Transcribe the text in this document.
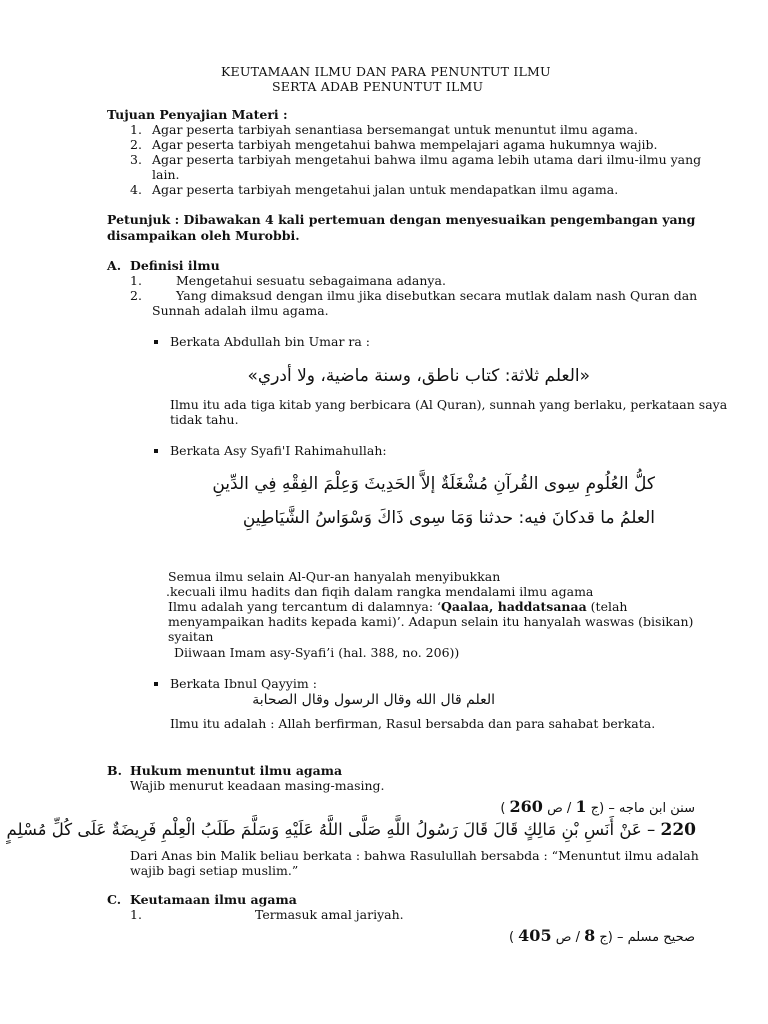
KEUTAMAAN ILMU DAN PARA PENUNTUT ILMU
SERTA ADAB PENUNTUT ILMU
Tujuan Penyajian Materi :
1. Agar peserta tarbiyah senantiasa bersemangat untuk menuntut ilmu agama.
2. Agar peserta tarbiyah mengetahui bahwa mempelajari agama hukumnya wajib.
3. Agar peserta tarbiyah mengetahui bahwa ilmu agama lebih utama dari ilmu-ilmu yang
lain.
4. Agar peserta tarbiyah mengetahui jalan untuk mendapatkan ilmu agama.
Petunjuk : Dibawakan 4 kali pertemuan dengan menyesuaikan pengembangan yang
disampaikan oleh Murobbi.
A. Definisi ilmu
1.	Mengetahui sesuatu sebagaimana adanya.
2.	Yang dimaksud dengan ilmu jika disebutkan secara mutlak dalam nash Quran dan
Sunnah adalah ilmu agama.
Berkata Abdullah bin Umar ra :
«العلم ثلاثة: كتاب ناطق، وسنة ماضية، ولا أدري»
Ilmu itu ada tiga kitab yang berbicara (Al Quran), sunnah yang berlaku, perkataan saya
tidak tahu.
Berkata Asy Syafi'I Rahimahullah:
كلُّ العُلُومِ سِوى القُرآنِ مُشْغَلَةٌ إلاَّ الحَدِيثَ وَعِلْمَ الفِقْهِ فِي الدِّينِ
العلمُ ما قدكانَ فيه: حدثنا وَمَا سِوى ذَاكَ وَسْوَاسُ الشَّيَاطِينِ
Semua ilmu selain Al-Qur-an hanyalah menyibukkan
.kecuali ilmu hadits dan fiqih dalam rangka mendalami ilmu agama
Ilmu adalah yang tercantum di dalamnya: ‘Qaalaa, haddatsanaa (telah
menyampaikan hadits kepada kami)’. Adapun selain itu hanyalah waswas (bisikan)
syaitan
Diiwaan Imam asy-Syafi’i (hal. 388, no. 206))
Berkata Ibnul Qayyim :
العلم قال الله وقال الرسول وقال الصحابة
Ilmu itu adalah : Allah berfirman, Rasul bersabda dan para sahabat berkata.
B. Hukum menuntut ilmu agama
Wajib menurut keadaan masing-masing.
سنن ابن ماجه – (ج 1 / ص 260 )
220 – عَنْ أَنَسِ بْنِ مَالِكٍ قَالَ قَالَ رَسُولُ اللَّهِ صَلَّى اللَّهُ عَلَيْهِ وَسَلَّمَ طَلَبُ الْعِلْمِ فَرِيضَةٌ عَلَى كُلِّ مُسْلِمٍ
Dari Anas bin Malik beliau berkata : bahwa Rasulullah bersabda : “Menuntut ilmu adalah
wajib bagi setiap muslim.”
C. Keutamaan ilmu agama
1.	Termasuk amal jariyah.
صحيح مسلم – (ج 8 / ص 405 )
